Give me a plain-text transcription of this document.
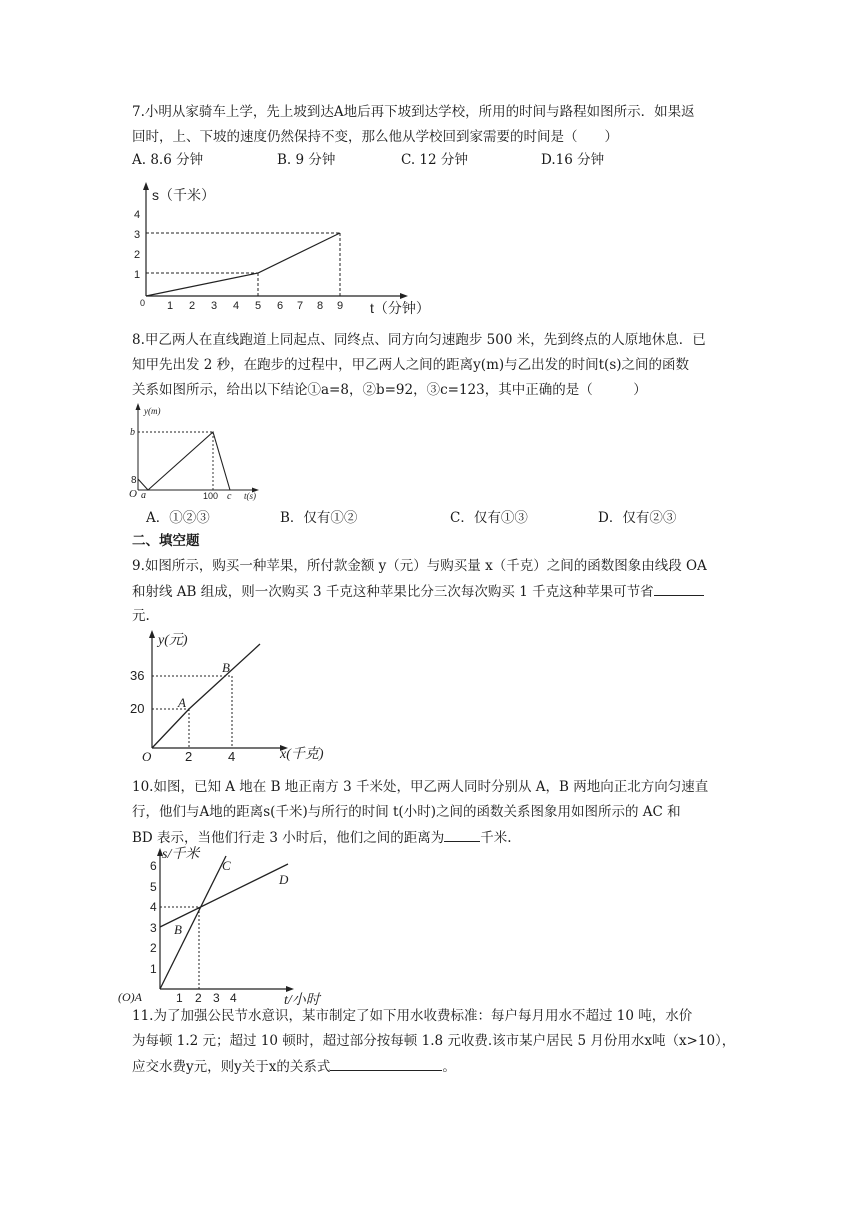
7.小明从家骑车上学，先上坡到达A地后再下坡到达学校，所用的时间与路程如图所示．如果返
回时，上、下坡的速度仍然保持不变，那么他从学校回到家需要的时间是（　　）
A. 8.6 分钟	B. 9 分钟	C. 12 分钟	D.16 分钟
s（千米）
t（分钟）
0
1
2
3
4
1 2 3 4 5 6 7 8 9
8.甲乙两人在直线跑道上同起点、同终点、同方向匀速跑步 500 米，先到终点的人原地休息．已
知甲先出发 2 秒，在跑步的过程中，甲乙两人之间的距离y(m)与乙出发的时间t(s)之间的函数
关系如图所示，给出以下结论①a=8，②b=92，③c=123，其中正确的是（　　　）
y(m)
t(s)
b
8
O a	100 c
A．①②③	B．仅有①②	C．仅有①③	D．仅有②③
二、填空题
9.如图所示，购买一种苹果，所付款金额 y（元）与购买量 x（千克）之间的函数图象由线段 OA
和射线 AB 组成，则一次购买 3 千克这种苹果比分三次每次购买 1 千克这种苹果可节省
元.
y(元)
x(千克)
20
36
O	2	4
A
B
10.如图，已知 A 地在 B 地正南方 3 千米处，甲乙两人同时分别从 A，B 两地向正北方向匀速直
行，他们与A地的距离s(千米)与所行的时间 t(小时)之间的函数关系图象用如图所示的 AC 和
BD 表示，当他们行走 3 小时后，他们之间的距离为	千米.
s/千米
t/小时
1
2
3
4
5
6
(O)A	1 2 3 4
B
C
D
11.为了加强公民节水意识，某市制定了如下用水收费标准：每户每月用水不超过 10 吨，水价
为每顿 1.2 元；超过 10 顿时，超过部分按每顿 1.8 元收费.该市某户居民 5 月份用水x吨（x>10），
应交水费y元，则y关于x的关系式	。
